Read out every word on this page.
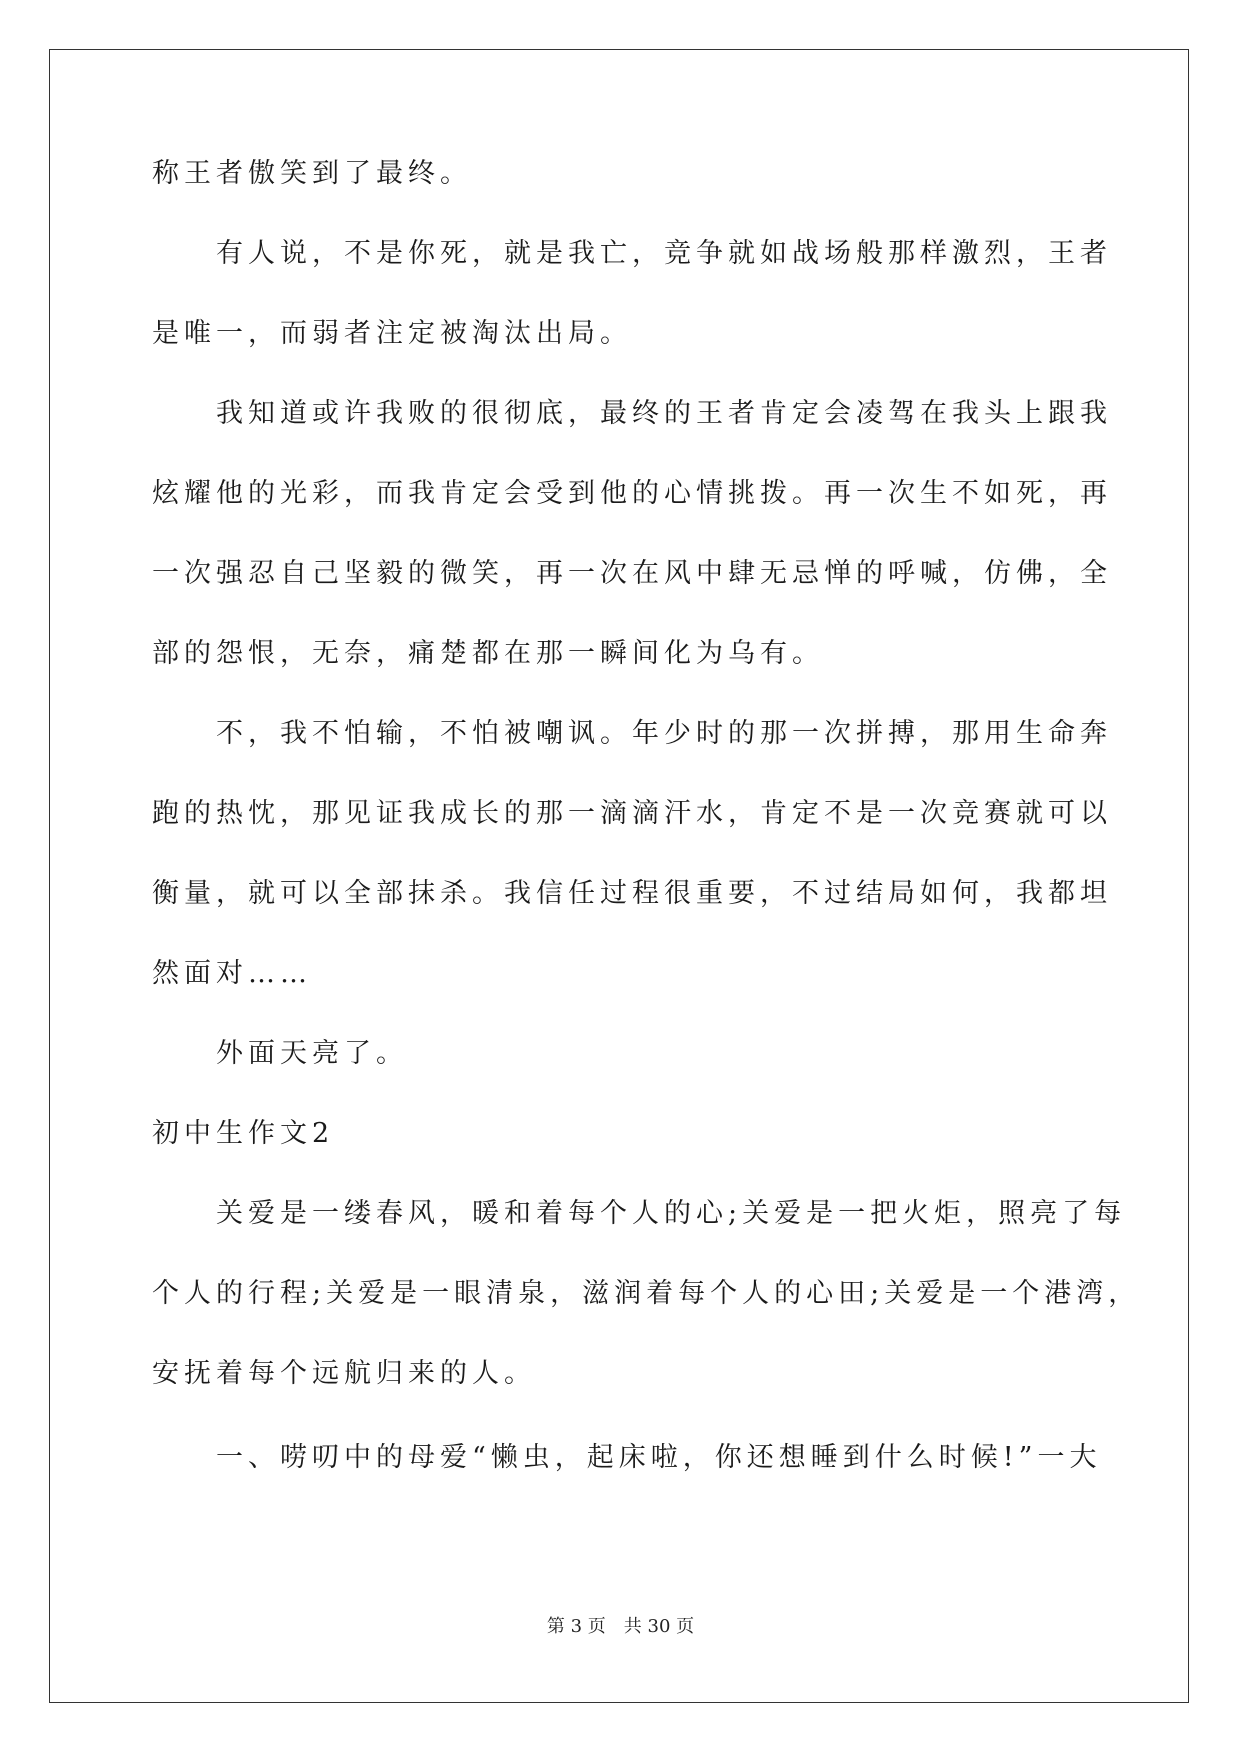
称王者傲笑到了最终。
　　有人说，不是你死，就是我亡，竞争就如战场般那样激烈，王者
是唯一，而弱者注定被淘汰出局。
　　我知道或许我败的很彻底，最终的王者肯定会凌驾在我头上跟我
炫耀他的光彩，而我肯定会受到他的心情挑拨。再一次生不如死，再
一次强忍自己坚毅的微笑，再一次在风中肆无忌惮的呼喊，仿佛，全
部的怨恨，无奈，痛楚都在那一瞬间化为乌有。
　　不，我不怕输，不怕被嘲讽。年少时的那一次拼搏，那用生命奔
跑的热忱，那见证我成长的那一滴滴汗水，肯定不是一次竞赛就可以
衡量，就可以全部抹杀。我信任过程很重要，不过结局如何，我都坦
然面对……
　　外面天亮了。
初中生作文2
　　关爱是一缕春风，暖和着每个人的心;关爱是一把火炬，照亮了每
个人的行程;关爱是一眼清泉，滋润着每个人的心田;关爱是一个港湾，
安抚着每个远航归来的人。
　　一、唠叨中的母爱“懒虫，起床啦，你还想睡到什么时候!”一大
第 3 页　共 30 页
